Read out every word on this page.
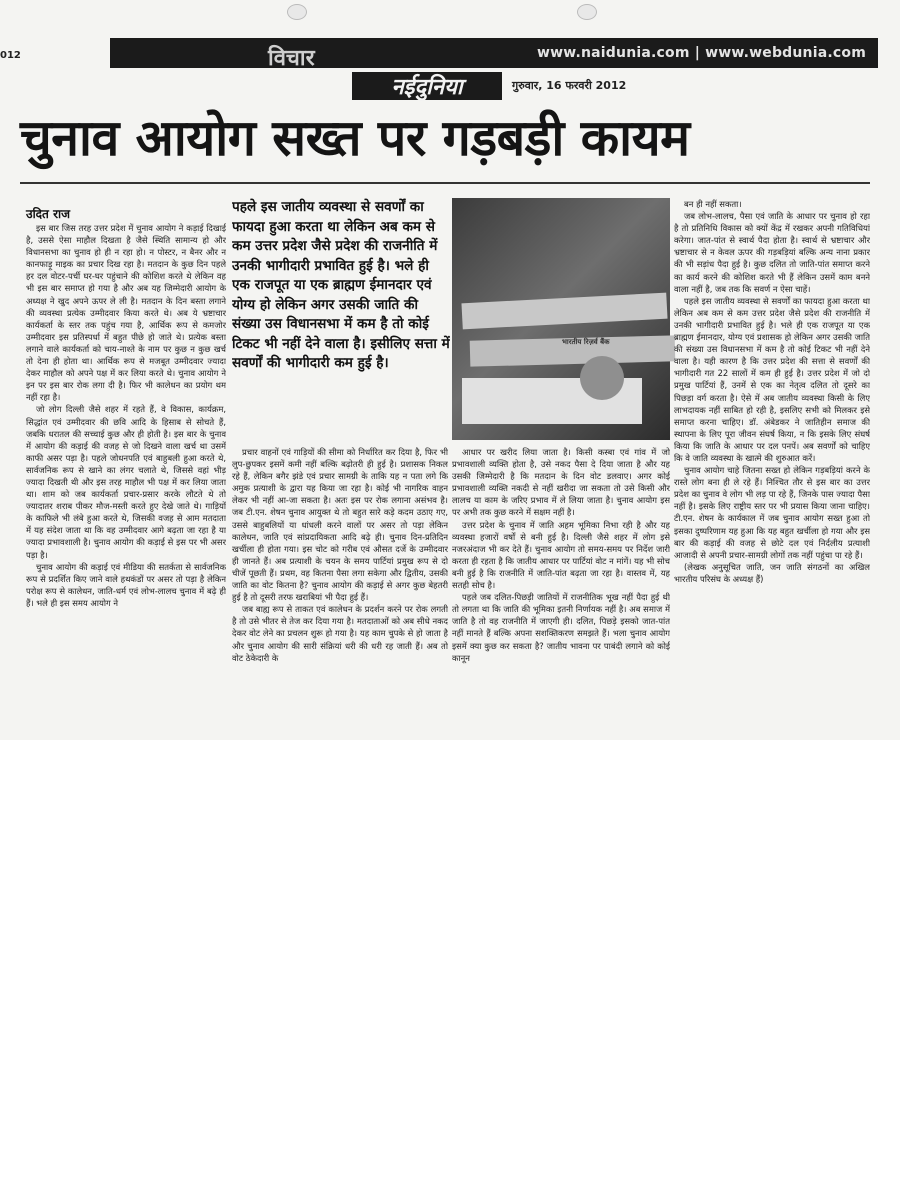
012	विचार	www.naidunia.com | www.webdunia.com
नईदुनिया	गुरुवार, 16 फरवरी 2012
चुनाव आयोग सख्त पर गड़बड़ी कायम
उदित राज

इस बार जिस तरह उत्तर प्रदेश में चुनाव आयोग ने कड़ाई दिखाई है, उससे ऐसा माहौल दिखता है जैसे स्थिति सामान्य हो और विधानसभा का चुनाव हो ही न रहा हो। न पोस्टर, न बैनर और न कानफाड़ू माइक का प्रचार दिख रहा है। मतदान के कुछ दिन पहले हर दल वोटर-पर्ची घर-घर पहुंचाने की कोशिश करते थे लेकिन वह भी इस बार समाप्त हो गया है और अब यह जिम्मेदारी आयोग के अध्यक्ष ने खुद अपने ऊपर ले ली है। मतदान के दिन बस्ता लगाने की व्यवस्था प्रत्येक उम्मीदवार किया करते थे। अब ये भ्रष्टाचार कार्यकर्ता के स्तर तक पहुंच गया है, आर्थिक रूप से कमजोर उम्मीदवार इस प्रतिस्पर्धा में बहुत पीछे हो जाते थे। प्रत्येक बस्ता लगाने वाले कार्यकर्ता को चाय-नाश्ते के नाम पर कुछ न कुछ खर्च तो देना ही होता था। आर्थिक रूप से मजबूत उम्मीदवार ज्यादा देकर माहौल को अपने पक्ष में कर लिया करते थे। चुनाव आयोग ने इन पर इस बार रोक लगा दी है। फिर भी कालेधन का प्रयोग थम नहीं रहा है।

जो लोग दिल्ली जैसे शहर में रहते हैं, वे विकास, कार्यक्रम, सिद्धांत एवं उम्मीदवार की छवि आदि के हिसाब से सोचते हैं, जबकि धरातल की सच्चाई कुछ और ही होती है। इस बार के चुनाव में आयोग की कड़ाई की वजह से जो दिखने वाला खर्च था उसमें काफी असर पड़ा है। पहले जोधनपति एवं बाहुबली हुआ करते थे, सार्वजनिक रूप से खाने का लंगर चलाते थे, जिससे वहां भीड़ ज्यादा दिखती थी और इस तरह माहौल भी पक्ष में कर लिया जाता था। शाम को जब कार्यकर्ता प्रचार-प्रसार करके लौटते थे तो ज्यादातर शराब पीकर मौज-मस्ती करते हुए देखे जाते थे। गाड़ियों के काफिले भी लंबे हुआ करते थे, जिसकी वजह से आम मतदाता में यह संदेश जाता था कि वह उम्मीदवार आगे बढ़ता जा रहा है या ज्यादा प्रभावशाली है। चुनाव आयोग की कड़ाई से इस पर भी असर पड़ा है।

चुनाव आयोग की कड़ाई एवं मीडिया की सतर्कता से सार्वजनिक रूप से प्रदर्शित किए जाने वाले हथकंडों पर असर तो पड़ा है लेकिन परोक्ष रूप से कालेधन, जाति-धर्म एवं लोभ-लालच चुनाव में बढ़े ही हैं। भले ही इस समय आयोग ने

पहले इस जातीय व्यवस्था से सवर्णों का फायदा हुआ करता था लेकिन अब कम से कम उत्तर प्रदेश जैसे प्रदेश की राजनीति में उनकी भागीदारी प्रभावित हुई है। भले ही एक राजपूत या एक ब्राह्मण ईमानदार एवं योग्य हो लेकिन अगर उसकी जाति की संख्या उस विधानसभा में कम है तो कोई टिकट भी नहीं देने वाला है। इसीलिए सत्ता में सवर्णों की भागीदारी कम हुई है।

प्रचार वाहनों एवं गाड़ियों की सीमा को निर्धारित कर दिया है, फिर भी लुप-छुपकर इसमें कमी नहीं बल्कि बढ़ोतरी ही हुई है। प्रशासक निकल रहे हैं, लेकिन बगैर झंडे एवं प्रचार सामग्री के ताकि यह न पता लगे कि अमुक प्रत्याशी के द्वारा यह किया जा रहा है। कोई भी नागरिक वाहन लेकर भी नहीं आ-जा सकता है। अतः इस पर रोक लगाना असंभव है। जब टी.एन. शेषन चुनाव आयुक्त थे तो बहुत सारे कड़े कदम उठाए गए, उससे बाहुबलियों या धांधली करने वालों पर असर तो पड़ा लेकिन कालेधन, जाति एवं सांप्रदायिकता आदि बढ़े ही। चुनाव दिन-प्रतिदिन खर्चीला ही होता गया। इस चोट को गरीब एवं औसत दर्जे के उम्मीदवार ही जानते हैं। अब प्रत्याशी के चयन के समय पार्टियां प्रमुख रूप से दो चीजें पूछती हैं। प्रथम, वह कितना पैसा लगा सकेगा और द्वितीय, उसकी जाति का वोट कितना है? चुनाव आयोग की कड़ाई से अगर कुछ बेहतरी हुई है तो दूसरी तरफ खराबियां भी पैदा हुई हैं।

जब बाह्य रूप से ताकत एवं कालेधन के प्रदर्शन करने पर रोक लगती है तो उसे भीतर से तेज कर दिया गया है। मतदाताओं को अब सीधे नकद देकर वोट लेने का प्रचलन शुरू हो गया है। यह काम चुपके से हो जाता है और चुनाव आयोग की सारी संक्रियां धरी की धरी रह जाती हैं। अब तो वोट ठेकेदारी के

भारतीय रिज़र्व बैंक

आधार पर खरीद लिया जाता है। किसी कस्बा एवं गांव में जो प्रभावशाली व्यक्ति होता है, उसे नकद पैसा दे दिया जाता है और यह उसकी जिम्मेदारी है कि मतदान के दिन वोट डलवाए। अगर कोई प्रभावशाली व्यक्ति नकदी से नहीं खरीदा जा सकता तो उसे किसी और लालच या काम के जरिए प्रभाव में ले लिया जाता है। चुनाव आयोग इस पर अभी तक कुछ करने में सक्षम नहीं है।

उत्तर प्रदेश के चुनाव में जाति अहम भूमिका निभा रही है और यह व्यवस्था हजारों वर्षों से बनी हुई है। दिल्ली जैसे शहर में लोग इसे नजरअंदाज भी कर देते हैं। चुनाव आयोग तो समय-समय पर निर्देश जारी करता ही रहता है कि जातीय आधार पर पार्टियां वोट न मांगें। यह भी सोच बनी हुई है कि राजनीति में जाति-पांत बढ़ता जा रहा है। वास्तव में, यह सतही सोच है।

पहले जब दलित-पिछड़ी जातियों में राजनीतिक भूख नहीं पैदा हुई थी तो लगता था कि जाति की भूमिका इतनी निर्णायक नहीं है। अब समाज में जाति है तो वह राजनीति में जाएगी ही। दलित, पिछड़े इसको जात-पांत नहीं मानते हैं बल्कि अपना सशक्तिकरण समझते हैं। भला चुनाव आयोग इसमें क्या कुछ कर सकता है? जातीय भावना पर पाबंदी लगाने को कोई कानून

बन ही नहीं सकता।

जब लोभ-लालच, पैसा एवं जाति के आधार पर चुनाव हो रहा है तो प्रतिनिधि विकास को क्यों केंद्र में रखकर अपनी गतिविधियां करेगा। जात-पांत से स्वार्थ पैदा होता है। स्वार्थ से भ्रष्टाचार और भ्रष्टाचार से न केवल ऊपर की गड़बड़ियां बल्कि अन्य नाना प्रकार की भी सड़ांध पैदा हुई है। कुछ दलित तो जाति-पांत समाप्त करने का कार्य करने की कोशिश करते भी हैं लेकिन उसमें काम बनने वाला नहीं है, जब तक कि सवर्ण न ऐसा चाहें।

पहले इस जातीय व्यवस्था से सवर्णों का फायदा हुआ करता था लेकिन अब कम से कम उत्तर प्रदेश जैसे प्रदेश की राजनीति में उनकी भागीदारी प्रभावित हुई है। भले ही एक राजपूत या एक ब्राह्मण ईमानदार, योग्य एवं प्रशासक हो लेकिन अगर उसकी जाति की संख्या उस विधानसभा में कम है तो कोई टिकट भी नहीं देने वाला है। यही कारण है कि उत्तर प्रदेश की सत्ता से सवर्णों की भागीदारी गत 22 सालों में कम ही हुई है। उत्तर प्रदेश में जो दो प्रमुख पार्टियां हैं, उनमें से एक का नेतृत्व दलित तो दूसरे का पिछड़ा वर्ग करता है। ऐसे में अब जातीय व्यवस्था किसी के लिए लाभदायक नहीं साबित हो रही है, इसलिए सभी को मिलकर इसे समाप्त करना चाहिए। डॉ. अंबेडकर ने जातिहीन समाज की स्थापना के लिए पूरा जीवन संघर्ष किया, न कि इसके लिए संघर्ष किया कि जाति के आधार पर दल पनपें। अब सवर्णों को चाहिए कि वे जाति व्यवस्था के खात्मे की शुरुआत करें।

चुनाव आयोग चाहे जितना सख्त हो लेकिन गड़बड़ियां करने के रास्ते लोग बना ही ले रहे हैं। निश्चित तौर से इस बार का उत्तर प्रदेश का चुनाव वे लोग भी लड़ पा रहे हैं, जिनके पास ज्यादा पैसा नहीं है। इसके लिए राष्ट्रीय स्तर पर भी प्रयास किया जाना चाहिए। टी.एन. शेषन के कार्यकाल में जब चुनाव आयोग सख्त हुआ तो इसका दुष्परिणाम यह हुआ कि यह बहुत खर्चीला हो गया और इस बार की कड़ाई की वजह से छोटे दल एवं निर्दलीय प्रत्याशी आजादी से अपनी प्रचार-सामग्री लोगों तक नहीं पहुंचा पा रहे हैं।

(लेखक अनुसूचित जाति, जन जाति संगठनों का अखिल भारतीय परिसंघ के अध्यक्ष हैं)
